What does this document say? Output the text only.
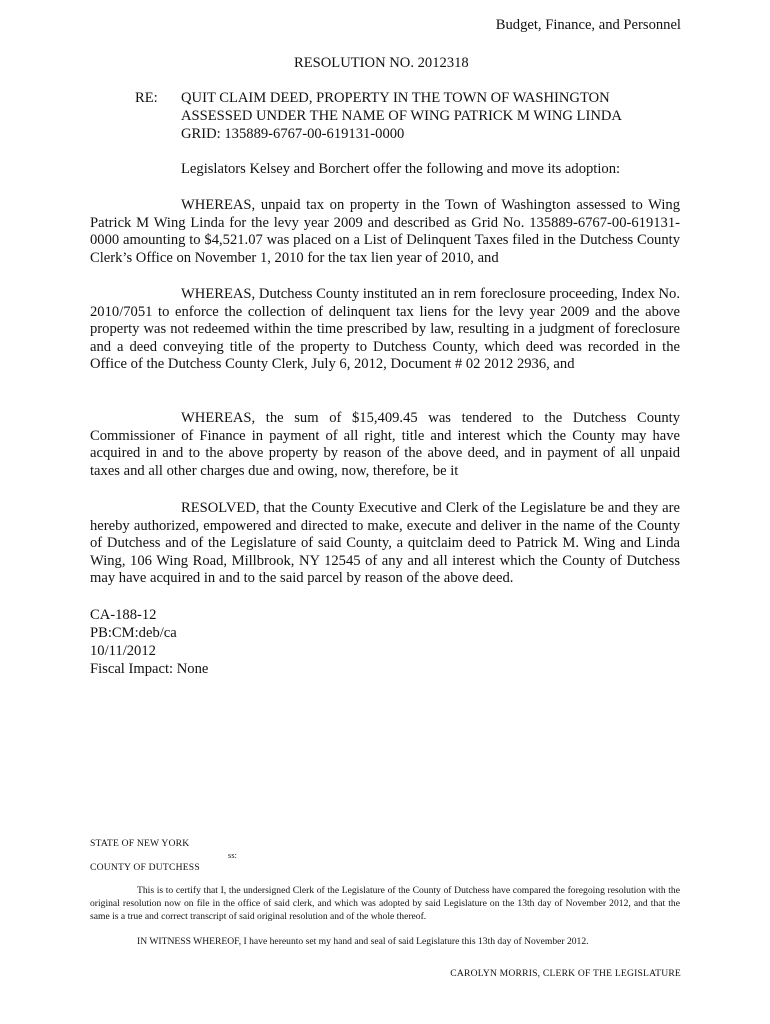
Budget, Finance, and Personnel
RESOLUTION NO. 2012318
RE: QUIT CLAIM DEED, PROPERTY IN THE TOWN OF WASHINGTON
ASSESSED UNDER THE NAME OF WING PATRICK M WING LINDA
GRID: 135889-6767-00-619131-0000
Legislators Kelsey and Borchert offer the following and move its adoption:
WHEREAS, unpaid tax on property in the Town of Washington assessed to Wing Patrick M Wing Linda for the levy year 2009 and described as Grid No. 135889-6767-00-619131-0000 amounting to $4,521.07 was placed on a List of Delinquent Taxes filed in the Dutchess County Clerk’s Office on November 1, 2010 for the tax lien year of 2010, and
WHEREAS, Dutchess County instituted an in rem foreclosure proceeding, Index No. 2010/7051 to enforce the collection of delinquent tax liens for the levy year 2009 and the above property was not redeemed within the time prescribed by law, resulting in a judgment of foreclosure and a deed conveying title of the property to Dutchess County, which deed was recorded in the Office of the Dutchess County Clerk, July 6, 2012, Document # 02 2012 2936, and
WHEREAS, the sum of $15,409.45 was tendered to the Dutchess County Commissioner of Finance in payment of all right, title and interest which the County may have acquired in and to the above property by reason of the above deed, and in payment of all unpaid taxes and all other charges due and owing, now, therefore, be it
RESOLVED, that the County Executive and Clerk of the Legislature be and they are hereby authorized, empowered and directed to make, execute and deliver in the name of the County of Dutchess and of the Legislature of said County, a quitclaim deed to Patrick M. Wing and Linda Wing, 106 Wing Road, Millbrook, NY 12545 of any and all interest which the County of Dutchess may have acquired in and to the said parcel by reason of the above deed.
CA-188-12
PB:CM:deb/ca
10/11/2012
Fiscal Impact: None
STATE OF NEW YORK
ss:
COUNTY OF DUTCHESS
This is to certify that I, the undersigned Clerk of the Legislature of the County of Dutchess have compared the foregoing resolution with the original resolution now on file in the office of said clerk, and which was adopted by said Legislature on the 13th day of November 2012, and that the same is a true and correct transcript of said original resolution and of the whole thereof.
IN WITNESS WHEREOF, I have hereunto set my hand and seal of said Legislature this 13th day of November 2012.
CAROLYN MORRIS, CLERK OF THE LEGISLATURE
